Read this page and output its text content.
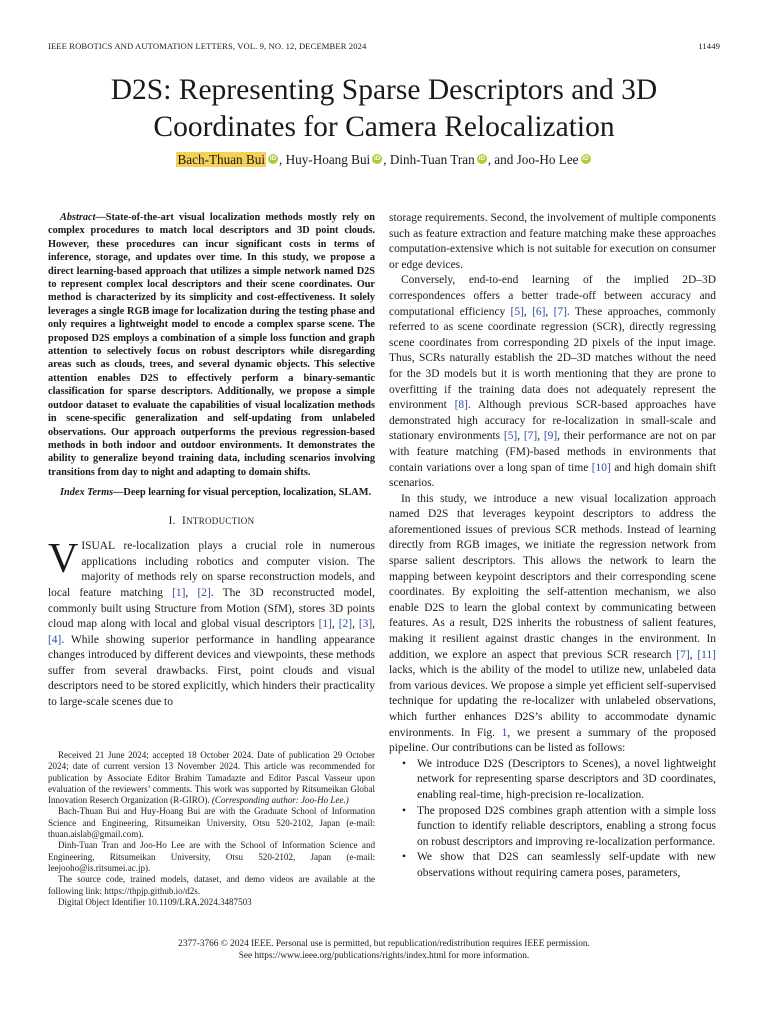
IEEE ROBOTICS AND AUTOMATION LETTERS, VOL. 9, NO. 12, DECEMBER 2024	11449
D2S: Representing Sparse Descriptors and 3D
Coordinates for Camera Relocalization
Bach-Thuan Bui iD , Huy-Hoang Bui iD , Dinh-Tuan Tran iD , and Joo-Ho Lee iD

Abstract—State-of-the-art visual localization methods mostly rely on complex procedures to match local descriptors and 3D point clouds. However, these procedures can incur significant costs in terms of inference, storage, and updates over time. In this study, we propose a direct learning-based approach that utilizes a simple network named D2S to represent complex local descriptors and their scene coordinates. Our method is characterized by its simplicity and cost-effectiveness. It solely leverages a single RGB image for localization during the testing phase and only requires a lightweight model to encode a complex sparse scene. The proposed D2S employs a combination of a simple loss function and graph attention to selectively focus on robust descriptors while disregarding areas such as clouds, trees, and several dynamic objects. This selective attention enables D2S to effectively perform a binary-semantic classification for sparse descriptors. Additionally, we propose a simple outdoor dataset to evaluate the capabilities of visual localization methods in scene-specific generalization and self-updating from unlabeled observations. Our approach outperforms the previous regression-based methods in both indoor and outdoor environments. It demonstrates the ability to generalize beyond training data, including scenarios involving transitions from day to night and adapting to domain shifts.

Index Terms—Deep learning for visual perception, localization, SLAM.

I. INTRODUCTION

VISUAL re-localization plays a crucial role in numerous applications including robotics and computer vision. The majority of methods rely on sparse reconstruction models, and local feature matching [1], [2]. The 3D reconstructed model, commonly built using Structure from Motion (SfM), stores 3D points cloud map along with local and global visual descriptors [1], [2], [3], [4]. While showing superior performance in handling appearance changes introduced by different devices and viewpoints, these methods suffer from several drawbacks. First, point clouds and visual descriptors need to be stored explicitly, which hinders their practicality to large-scale scenes due to

Received 21 June 2024; accepted 18 October 2024. Date of publication 29 October 2024; date of current version 13 November 2024. This article was recommended for publication by Associate Editor Brahim Tamadazte and Editor Pascal Vasseur upon evaluation of the reviewers’ comments. This work was supported by Ritsumeikan Global Innovation Reserch Organization (R-GIRO). (Corresponding author: Joo-Ho Lee.)

Bach-Thuan Bui and Huy-Hoang Bui are with the Graduate School of Information Science and Engineering, Ritsumeikan University, Otsu 520-2102, Japan (e-mail: thuan.aislab@gmail.com).

Dinh-Tuan Tran and Joo-Ho Lee are with the School of Information Science and Engineering, Ritsumeikan University, Otsu 520-2102, Japan (e-mail: leejooho@is.ritsumei.ac.jp).

The source code, trained models, dataset, and demo videos are available at the following link: https://thpjp.github.io/d2s.

Digital Object Identifier 10.1109/LRA.2024.3487503

storage requirements. Second, the involvement of multiple components such as feature extraction and feature matching make these approaches computation-extensive which is not suitable for execution on consumer or edge devices.

Conversely, end-to-end learning of the implied 2D–3D correspondences offers a better trade-off between accuracy and computational efficiency [5], [6], [7]. These approaches, commonly referred to as scene coordinate regression (SCR), directly regressing scene coordinates from corresponding 2D pixels of the input image. Thus, SCRs naturally establish the 2D–3D matches without the need for the 3D models but it is worth mentioning that they are prone to overfitting if the training data does not adequately represent the environment [8]. Although previous SCR-based approaches have demonstrated high accuracy for re-localization in small-scale and stationary environments [5], [7], [9], their performance are not on par with feature matching (FM)-based methods in environments that contain variations over a long span of time [10] and high domain shift scenarios.

In this study, we introduce a new visual localization approach named D2S that leverages keypoint descriptors to address the aforementioned issues of previous SCR methods. Instead of learning directly from RGB images, we initiate the regression network from sparse salient descriptors. This allows the network to learn the mapping between keypoint descriptors and their corresponding scene coordinates. By exploiting the self-attention mechanism, we also enable D2S to learn the global context by communicating between features. As a result, D2S inherits the robustness of salient features, making it resilient against drastic changes in the environment. In addition, we explore an aspect that previous SCR research [7], [11] lacks, which is the ability of the model to utilize new, unlabeled data from various devices. We propose a simple yet efficient self-supervised technique for updating the re-localizer with unlabeled observations, which further enhances D2S’s ability to accommodate dynamic environments. In Fig. 1, we present a summary of the proposed pipeline. Our contributions can be listed as follows:

• We introduce D2S (Descriptors to Scenes), a novel lightweight network for representing sparse descriptors and 3D coordinates, enabling real-time, high-precision re-localization.
• The proposed D2S combines graph attention with a simple loss function to identify reliable descriptors, enabling a strong focus on robust descriptors and improving re-localization performance.
• We show that D2S can seamlessly self-update with new observations without requiring camera poses, parameters,
2377-3766 © 2024 IEEE. Personal use is permitted, but republication/redistribution requires IEEE permission.
See https://www.ieee.org/publications/rights/index.html for more information.
